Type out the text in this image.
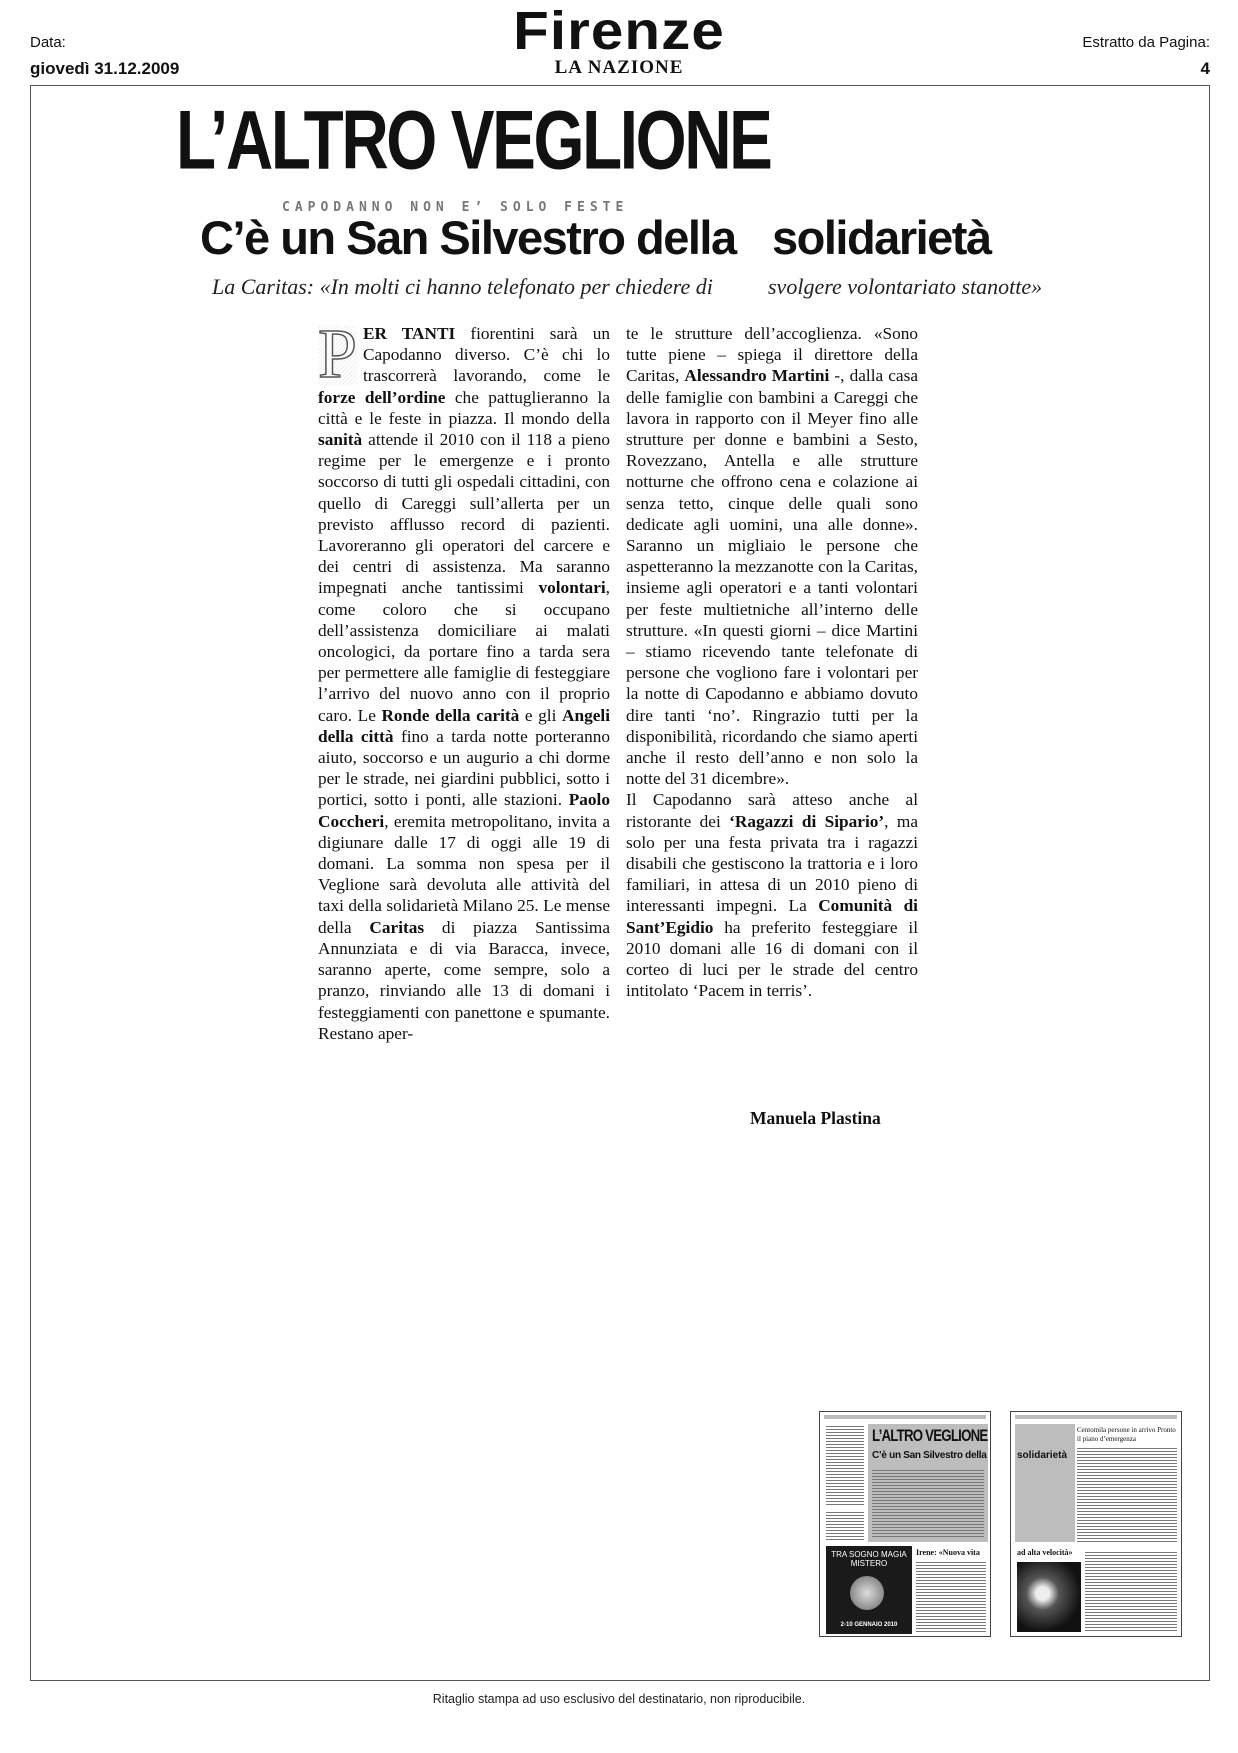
Data:
giovedì 31.12.2009
Firenze
LA NAZIONE
Estratto da Pagina:
4
L’ALTRO VEGLIONE
CAPODANNO NON E’ SOLO FESTE
C’è un San Silvestro della solidarietà
La Caritas: «In molti ci hanno telefonato per chiedere di	svolgere volontariato stanotte»
P ER TANTI fiorentini sarà un Capodanno diverso. C’è chi lo trascorrerà lavorando, come le forze dell’ordine che pattuglieranno la città e le feste in piazza. Il mondo della sanità attende il 2010 con il 118 a pieno regime per le emergenze e i pronto soccorso di tutti gli ospedali cittadini, con quello di Careggi sull’allerta per un previsto afflusso record di pazienti. Lavoreranno gli operatori del carcere e dei centri di assistenza. Ma saranno impegnati anche tantissimi volontari, come coloro che si occupano dell’assistenza domiciliare ai malati oncologici, da portare fino a tarda sera per permettere alle famiglie di festeggiare l’arrivo del nuovo anno con il proprio caro. Le Ronde della carità e gli Angeli della città fino a tarda notte porteranno aiuto, soccorso e un augurio a chi dorme per le strade, nei giardini pubblici, sotto i portici, sotto i ponti, alle stazioni. Paolo Coccheri, eremita metropolitano, invita a digiunare dalle 17 di oggi alle 19 di domani. La somma non spesa per il Veglione sarà devoluta alle attività del taxi della solidarietà Milano 25. Le mense della Caritas di piazza Santissima Annunziata e di via Baracca, invece, saranno aperte, come sempre, solo a pranzo, rinviando alle 13 di domani i festeggiamenti con panettone e spumante. Restano aper-
te le strutture dell’accoglienza. «Sono tutte piene – spiega il direttore della Caritas, Alessandro Martini -, dalla casa delle famiglie con bambini a Careggi che lavora in rapporto con il Meyer fino alle strutture per donne e bambini a Sesto, Rovezzano, Antella e alle strutture notturne che offrono cena e colazione ai senza tetto, cinque delle quali sono dedicate agli uomini, una alle donne». Saranno un migliaio le persone che aspetteranno la mezzanotte con la Caritas, insieme agli operatori e a tanti volontari per feste multietniche all’interno delle strutture. «In questi giorni – dice Martini – stiamo ricevendo tante telefonate di persone che vogliono fare i volontari per la notte di Capodanno e abbiamo dovuto dire tanti ‘no’. Ringrazio tutti per la disponibilità, ricordando che siamo aperti anche il resto dell’anno e non solo la notte del 31 dicembre».
Il Capodanno sarà atteso anche al ristorante dei ‘Ragazzi di Sipario’, ma solo per una festa privata tra i ragazzi disabili che gestiscono la trattoria e i loro familiari, in attesa di un 2010 pieno di interessanti impegni. La Comunità di Sant’Egidio ha preferito festeggiare il 2010 domani alle 16 di domani con il corteo di luci per le strade del centro intitolato ‘Pacem in terris’.
Manuela Plastina
L’ALTRO VEGLIONE
C’è un San Silvestro della
TRA SOGNO MAGIA MISTERO
2-10 GENNAIO 2010
Irene: «Nuova vita
solidarietà
Centomila persone in arrivo Pronto il piano d’emergenza
ad alta velocità»
Ritaglio stampa ad uso esclusivo del destinatario, non riproducibile.
